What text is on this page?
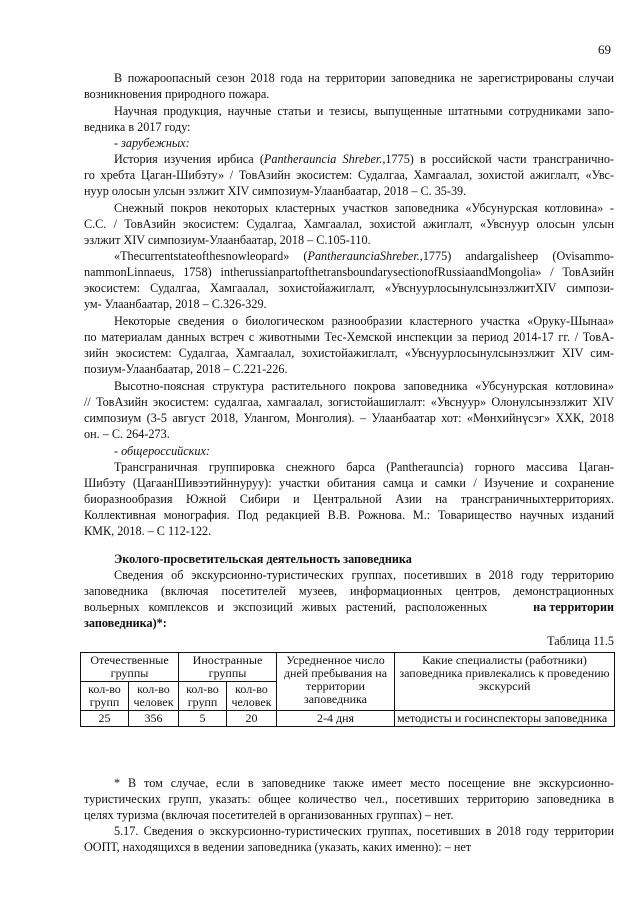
69
В пожароопасный сезон 2018 года на территории заповедника не зарегистрированы случаи
возникновения природного пожара.
Научная продукция, научные статьи и тезисы, выпущенные штатными сотрудниками запо-
ведника в 2017 году:
- зарубежных:
История изучения ирбиса (Pantherauncia Shreber.,1775) в российской части трансгранично-
го хребта Цаган-Шибэту» / ТовАзийн экосистем: Судалгаа, Хамгаалал, зохистой ажиглалт, «Увс-
нуур олосын улсын эзлжит XIV симпозиум-Улаанбаатар, 2018 – С. 35-39.
Снежный покров некоторых кластерных участков заповедника «Убсунурская котловина» -
С.С. / ТовАзийн экосистем: Судалгаа, Хамгаалал, зохистой ажиглалт, «Увснуур олосын улсын
эзлжит XIV симпозиум-Улаанбаатар, 2018 – С.105-110.
«Thecurrentstateofthesnowleopard» (PantheraunciaShreber.,1775) andargalisheep (Ovisammo-
nammonLinnaeus, 1758) intherussianpartofthetransboundarysectionofRussiaandMongolia» / ТовАзийн
экосистем: Судалгаа, Хамгаалал, зохистойажиглалт, «УвснуурлосынулсынэзлжитXIV симпози-
ум- Улаанбаатар, 2018 – С.326-329.
Некоторые сведения о биологическом разнообразии кластерного участка «Оруку-Шынаа»
по материалам данных встреч с животными Тес-Хемской инспекции за период 2014-17 гг. / ТовА-
зийн экосистем: Судалгаа, Хамгаалал, зохистойажиглалт, «Увснуурлосынулсынэзлжит XIV сим-
позиум-Улаанбаатар, 2018 – С.221-226.
Высотно-поясная структура растительного покрова заповедника «Убсунурская котловина»
// ТовАзийн экосистем: судалгаа, хамгаалал, зогистойашиглалт: «Увснуур» Олонулсынэзлжит XIV
симпозиум (3-5 август 2018, Улангом, Монголия). – Улаанбаатар хот: «Мөнхийнүсэг» ХХК, 2018
он. – С. 264-273.
- общероссийских:
Трансграничная группировка снежного барса (Pantherauncia) горного массива Цаган-
Шибэту (ЦагаанШивээтийннуруу): участки обитания самца и самки / Изучение и сохранение
биоразнообразия Южной Сибири и Центральной Азии на трансграничныхтерриториях.
Коллективная монография. Под редакцией В.В. Рожнова. М.: Товарищество научных изданий
КМК, 2018. – С 112-122.
Эколого-просветительская деятельность заповедника
Сведения об экскурсионно-туристических группах, посетивших в 2018 году территорию
заповедника (включая посетителей музеев, информационных центров, демонстрационных
вольерных комплексов и экспозиций живых растений, расположенных	на территории
заповедника)*:
Таблица 11.5
Отечественные группы		Иностранные группы		Усредненное число дней пребывания на территории заповедника	Какие специалисты (работники) заповедника привлекались к проведению экскурсий
кол-во групп	кол-во человек	кол-во групп	кол-во человек		
25	356	5	20	2-4 дня	методисты и госинспекторы заповедника
* В том случае, если в заповеднике также имеет место посещение вне экскурсионно-
туристических групп, указать: общее количество чел., посетивших территорию заповедника в
целях туризма (включая посетителей в организованных группах) – нет.
5.17. Сведения о экскурсионно-туристических группах, посетивших в 2018 году территории
ООПТ, находящихся в ведении заповедника (указать, каких именно): – нет
